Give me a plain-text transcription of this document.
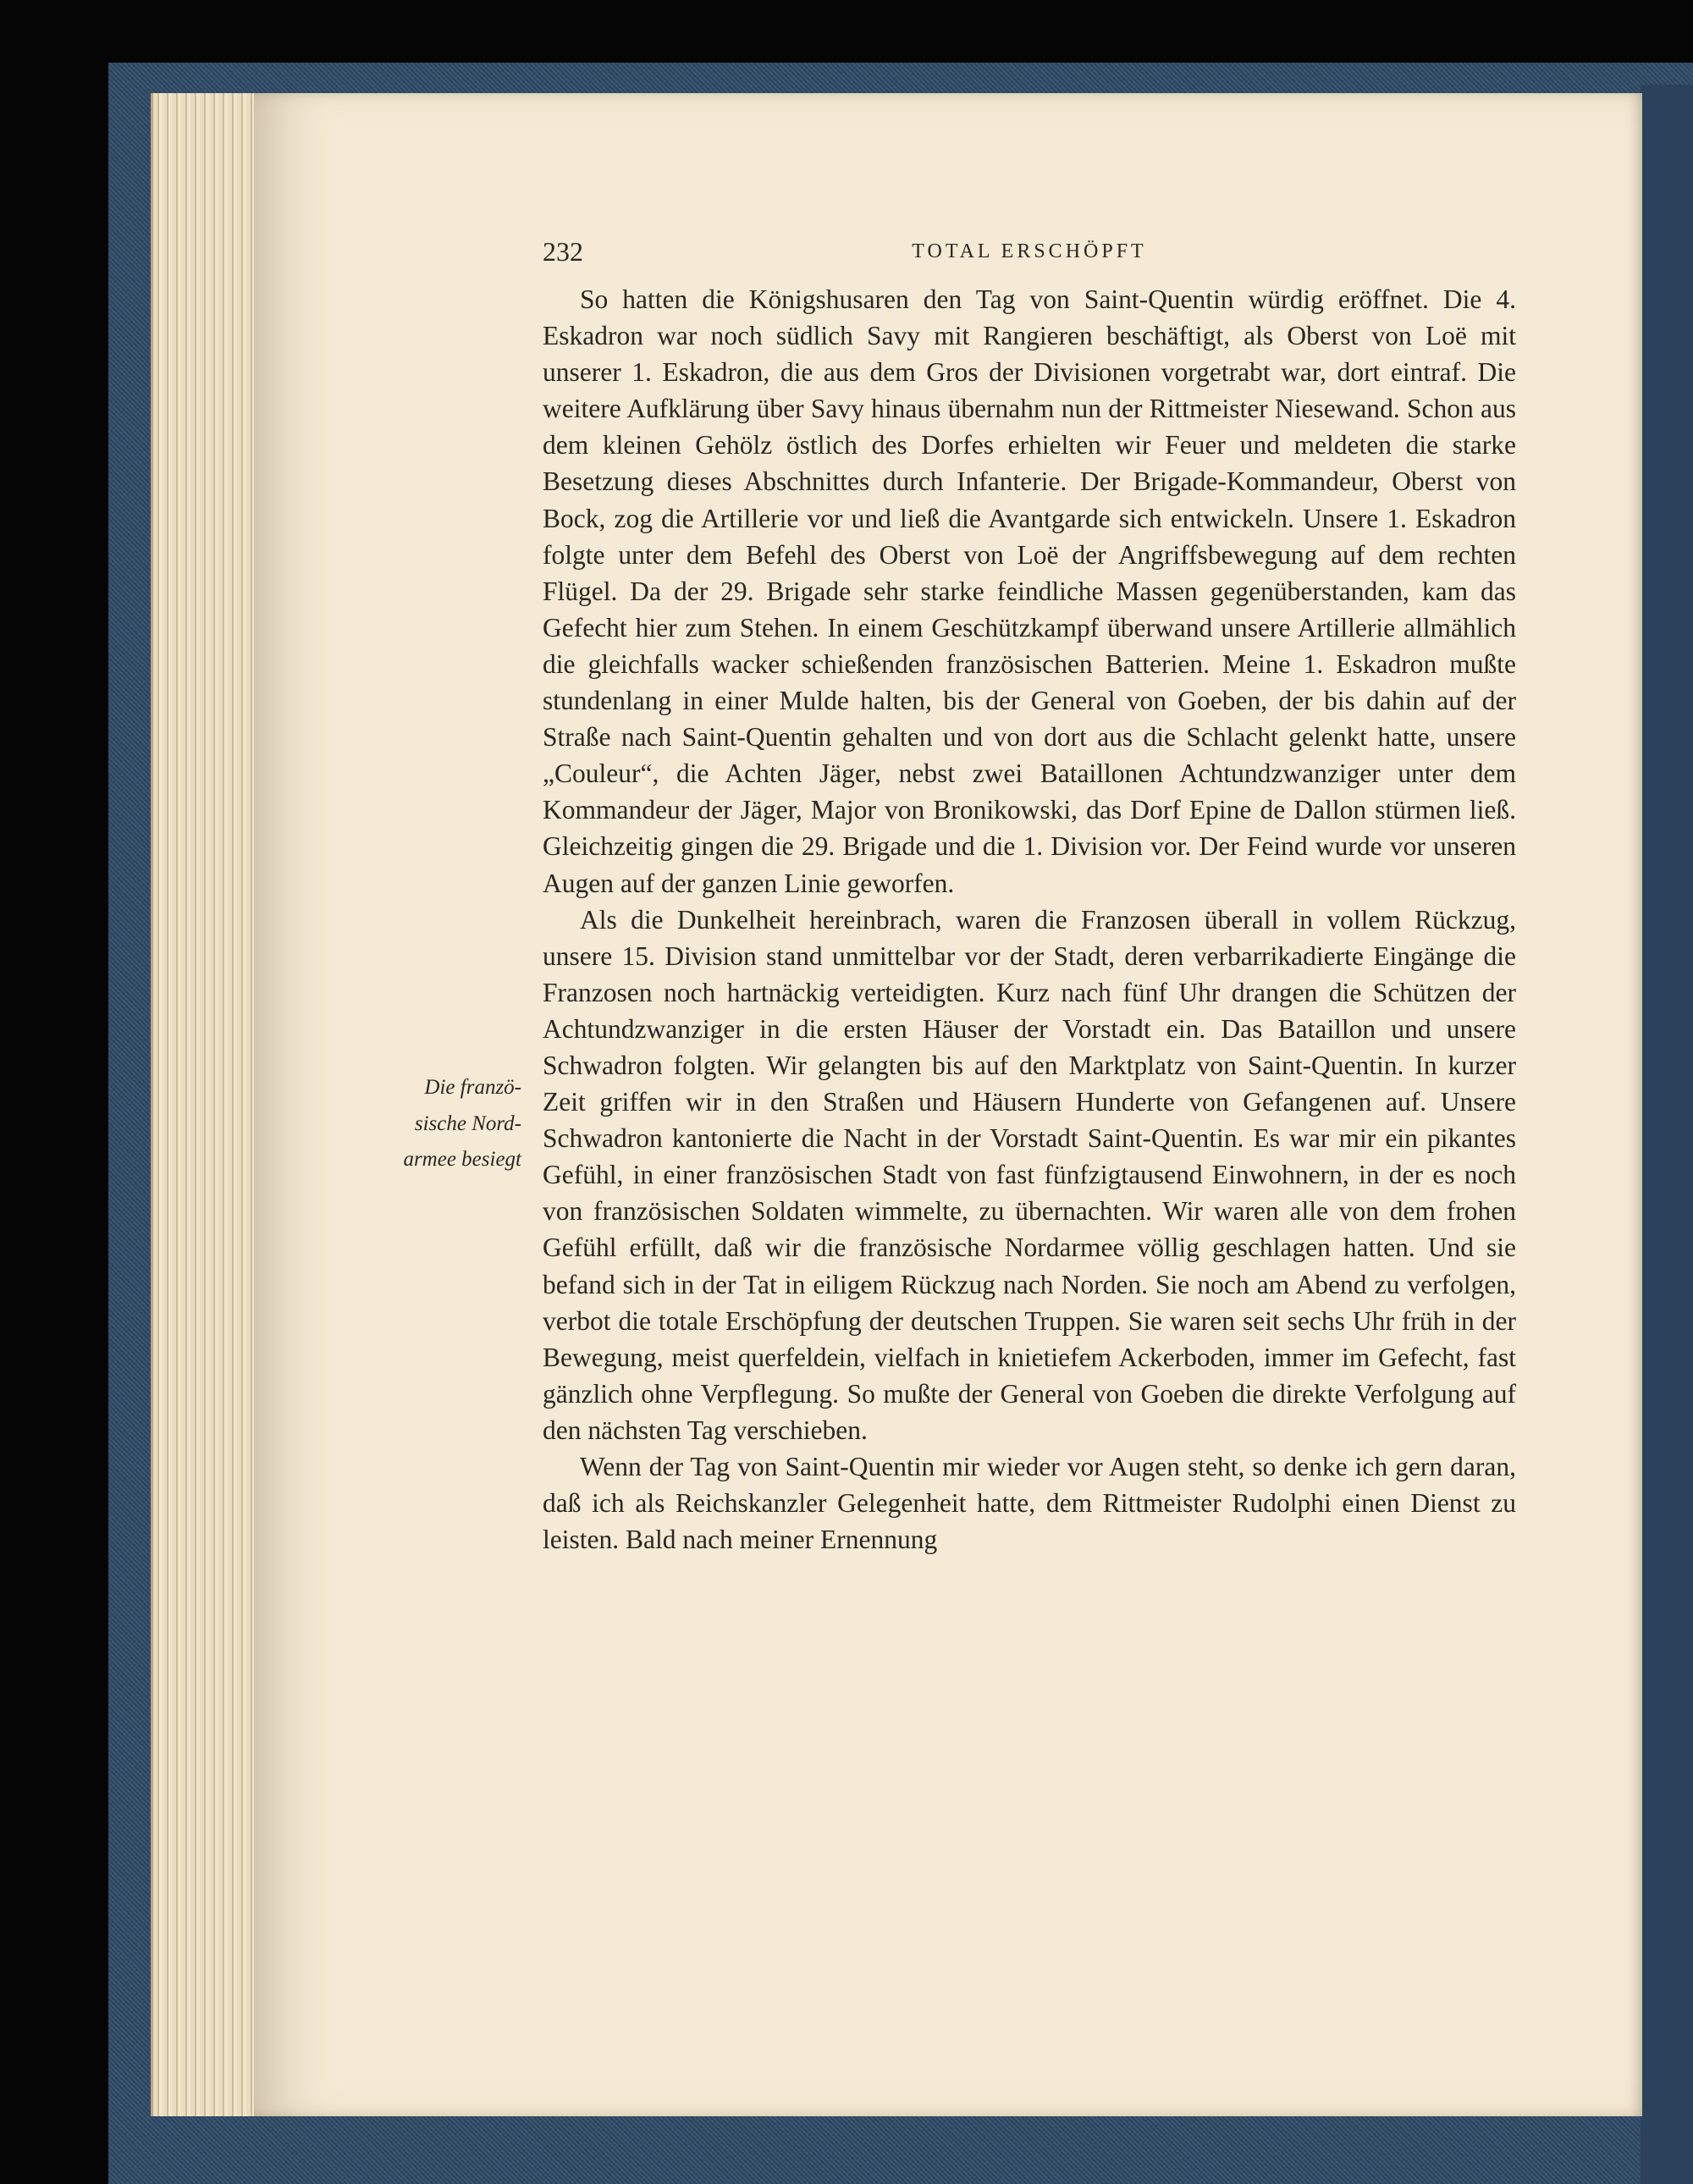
232	TOTAL ERSCHÖPFT
Die franzö-
sische Nord-
armee besiegt

So hatten die Königshusaren den Tag von Saint-Quentin würdig eröffnet. Die 4. Eskadron war noch südlich Savy mit Rangieren beschäftigt, als Oberst von Loë mit unserer 1. Eskadron, die aus dem Gros der Divisionen vorgetrabt war, dort eintraf. Die weitere Aufklärung über Savy hinaus übernahm nun der Rittmeister Niesewand. Schon aus dem kleinen Gehölz östlich des Dorfes erhielten wir Feuer und meldeten die starke Besetzung dieses Abschnittes durch Infanterie. Der Brigade-Kommandeur, Oberst von Bock, zog die Artillerie vor und ließ die Avantgarde sich entwickeln. Unsere 1. Eskadron folgte unter dem Befehl des Oberst von Loë der Angriffsbewegung auf dem rechten Flügel. Da der 29. Brigade sehr starke feindliche Massen gegenüberstanden, kam das Gefecht hier zum Stehen. In einem Geschützkampf überwand unsere Artillerie allmählich die gleichfalls wacker schießenden französischen Batterien. Meine 1. Eskadron mußte stundenlang in einer Mulde halten, bis der General von Goeben, der bis dahin auf der Straße nach Saint-Quentin gehalten und von dort aus die Schlacht gelenkt hatte, unsere „Couleur“, die Achten Jäger, nebst zwei Bataillonen Achtundzwanziger unter dem Kommandeur der Jäger, Major von Bronikowski, das Dorf Epine de Dallon stürmen ließ. Gleichzeitig gingen die 29. Brigade und die 1. Division vor. Der Feind wurde vor unseren Augen auf der ganzen Linie geworfen.

Als die Dunkelheit hereinbrach, waren die Franzosen überall in vollem Rückzug, unsere 15. Division stand unmittelbar vor der Stadt, deren verbarrikadierte Eingänge die Franzosen noch hartnäckig verteidigten. Kurz nach fünf Uhr drangen die Schützen der Achtundzwanziger in die ersten Häuser der Vorstadt ein. Das Bataillon und unsere Schwadron folgten. Wir gelangten bis auf den Marktplatz von Saint-Quentin. In kurzer Zeit griffen wir in den Straßen und Häusern Hunderte von Gefangenen auf. Unsere Schwadron kantonierte die Nacht in der Vorstadt Saint-Quentin. Es war mir ein pikantes Gefühl, in einer französischen Stadt von fast fünfzigtausend Einwohnern, in der es noch von französischen Soldaten wimmelte, zu übernachten. Wir waren alle von dem frohen Gefühl erfüllt, daß wir die französische Nordarmee völlig geschlagen hatten. Und sie befand sich in der Tat in eiligem Rückzug nach Norden. Sie noch am Abend zu verfolgen, verbot die totale Erschöpfung der deutschen Truppen. Sie waren seit sechs Uhr früh in der Bewegung, meist querfeldein, vielfach in knietiefem Ackerboden, immer im Gefecht, fast gänzlich ohne Verpflegung. So mußte der General von Goeben die direkte Verfolgung auf den nächsten Tag verschieben.

Wenn der Tag von Saint-Quentin mir wieder vor Augen steht, so denke ich gern daran, daß ich als Reichskanzler Gelegenheit hatte, dem Rittmeister Rudolphi einen Dienst zu leisten. Bald nach meiner Ernennung
